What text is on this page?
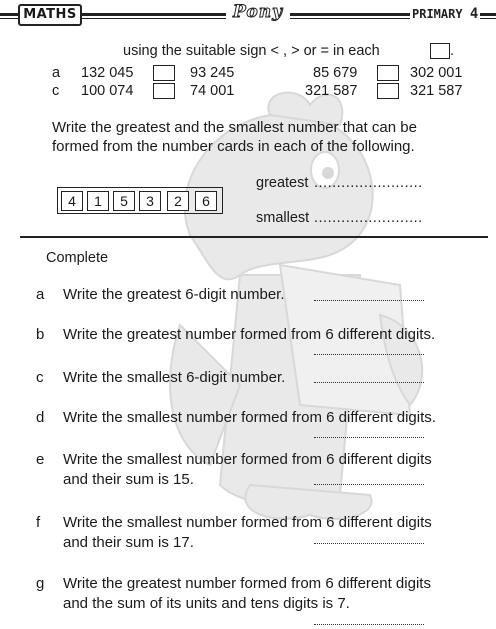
MATHS	Pony	PRIMARY 4
using the suitable sign < , > or = in each	.
a 132 045	93 245	85 679	302 001
c 100 074	74 001	321 587	321 587
Write the greatest and the smallest number that can be
formed from the number cards in each of the following.
4	1	5	3	2	6
greatest ........................
smallest ........................
Complete
a Write the greatest 6-digit number.
b Write the greatest number formed from 6 different digits.
c Write the smallest 6-digit number.
d Write the smallest number formed from 6 different digits.
e Write the smallest number formed from 6 different digits
and their sum is 15.
f Write the smallest number formed from 6 different digits
and their sum is 17.
g Write the greatest number formed from 6 different digits
and the sum of its units and tens digits is 7.
